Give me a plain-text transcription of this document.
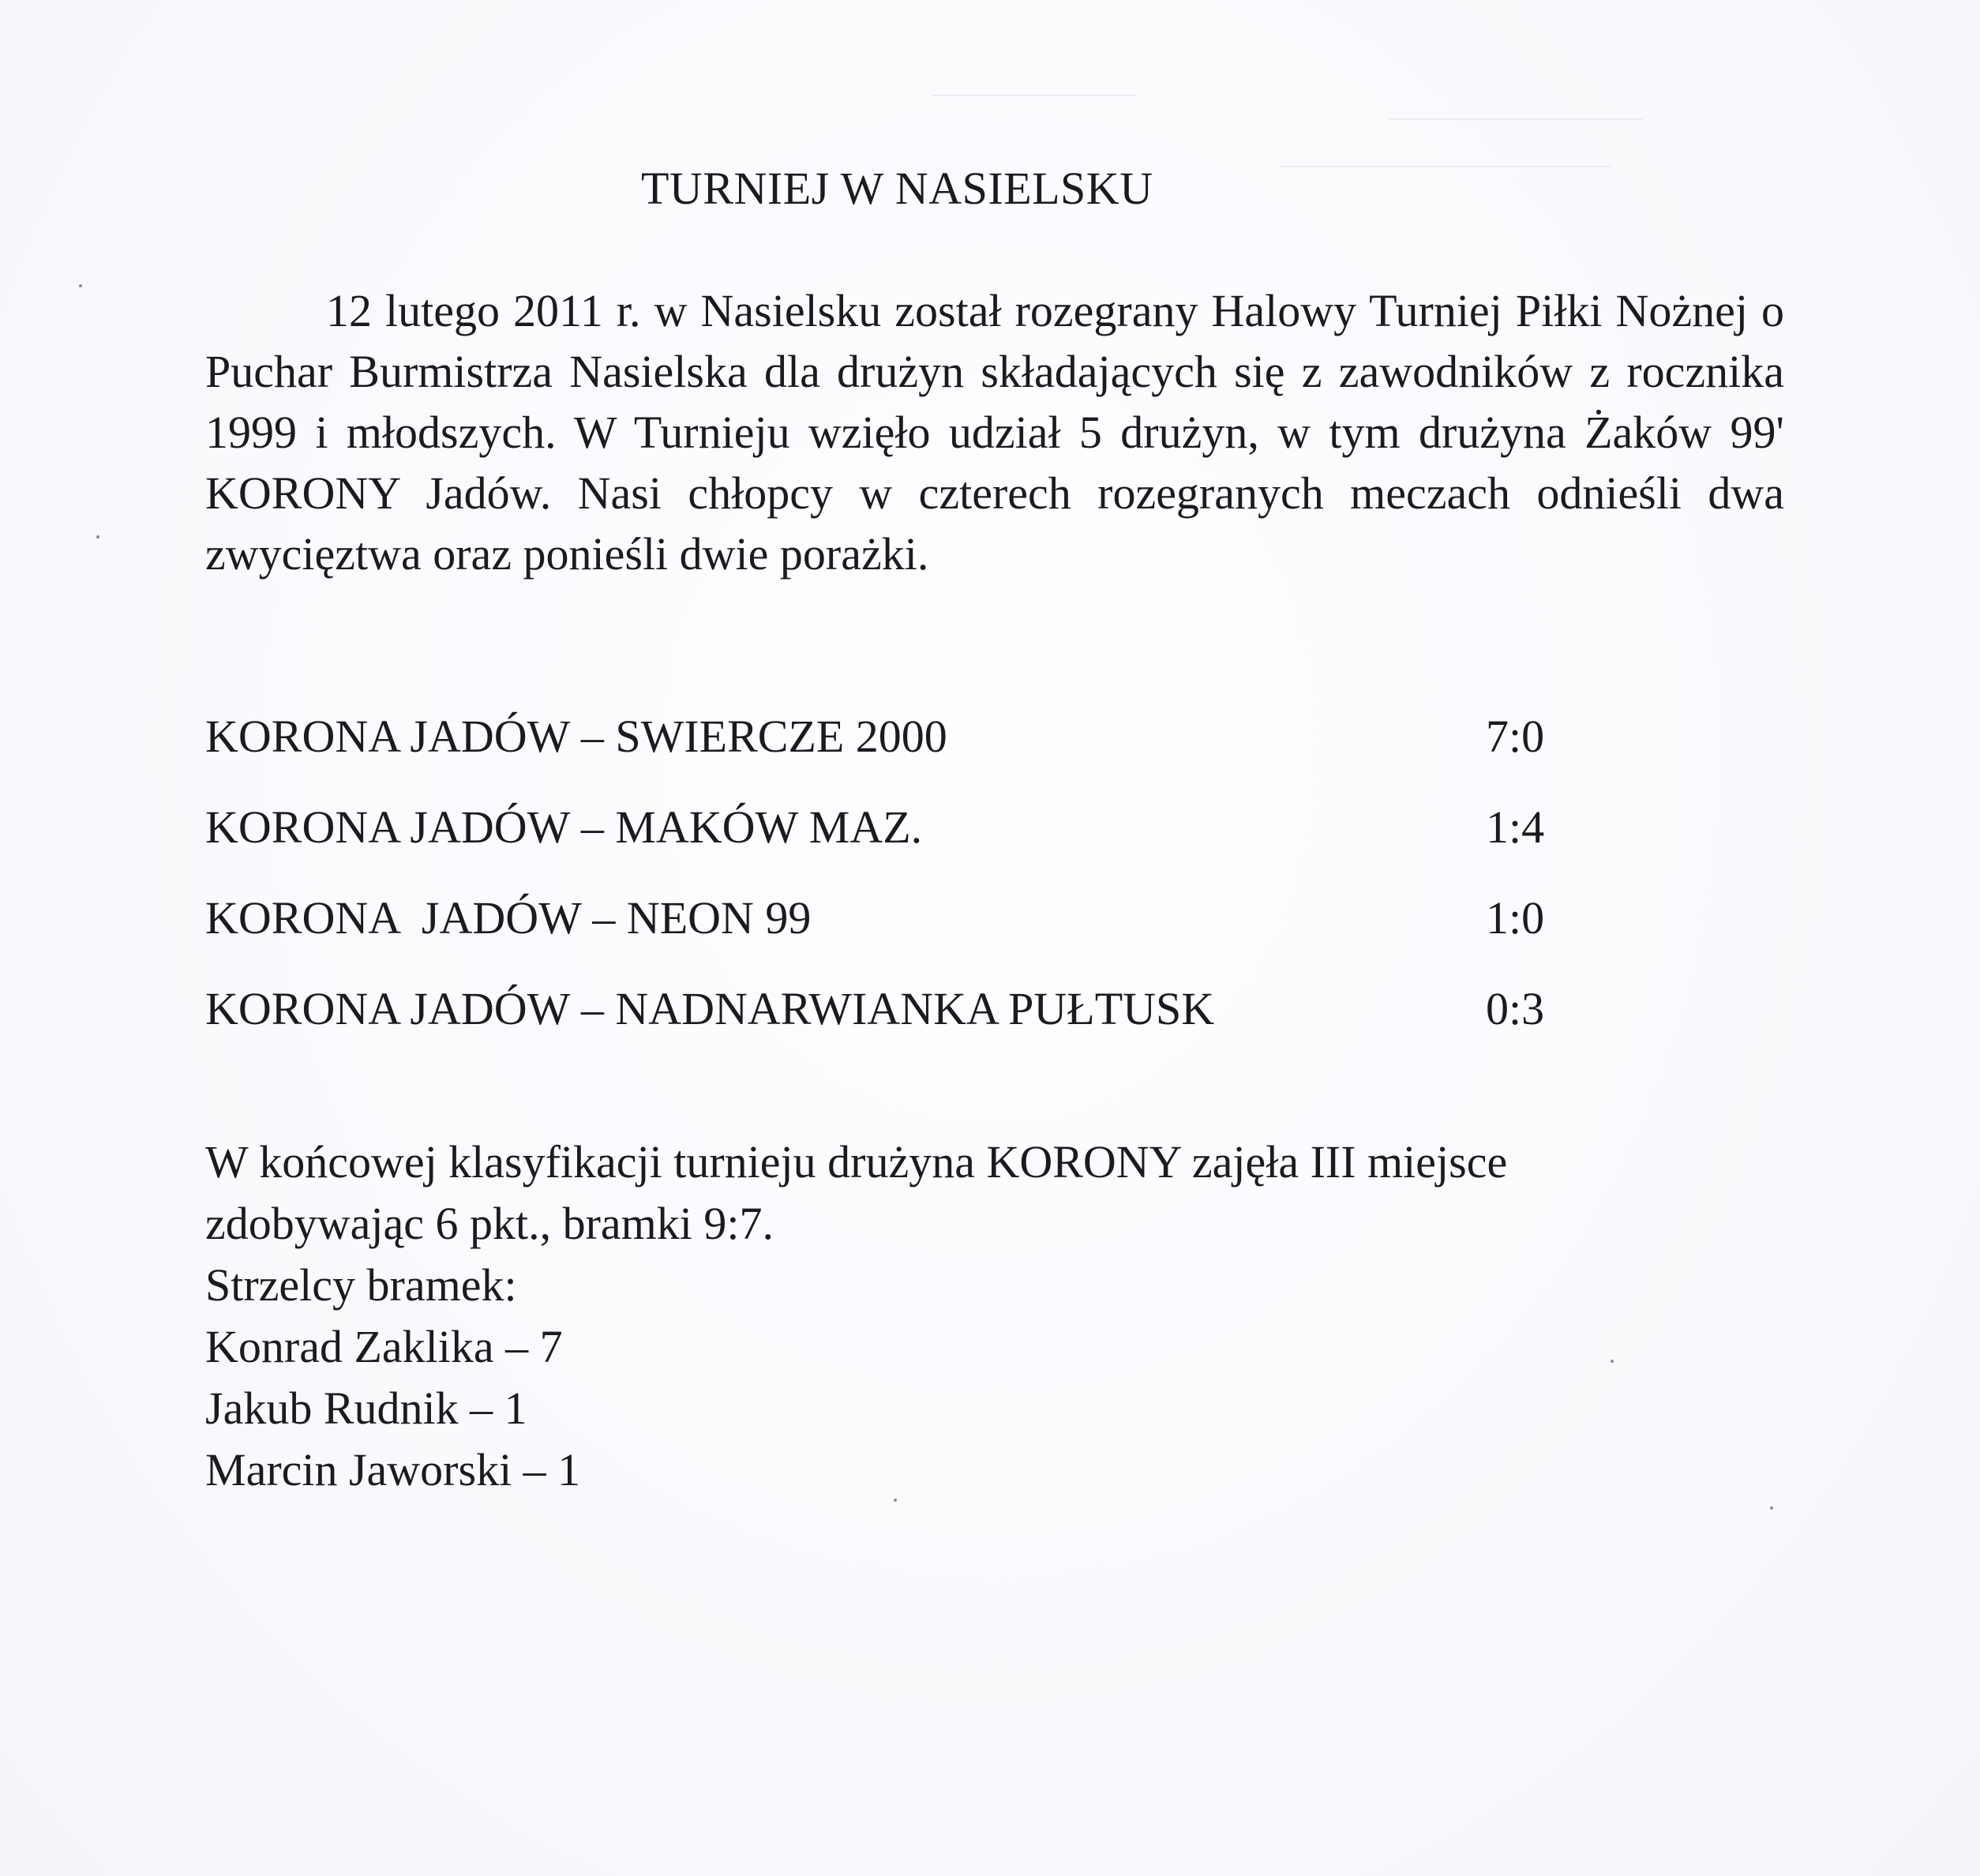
TURNIEJ W NASIELSKU

12 lutego 2011 r. w Nasielsku został rozegrany Halowy Turniej Piłki Nożnej o Puchar Burmistrza Nasielska dla drużyn składających się z zawodników z rocznika 1999 i młodszych. W Turnieju wzięło udział 5 drużyn, w tym drużyna Żaków 99' KORONY Jadów. Nasi chłopcy w czterech rozegranych meczach odnieśli dwa zwycięztwa oraz ponieśli dwie porażki.

KORONA JADÓW – SWIERCZE 2000	7:0
KORONA JADÓW – MAKÓW MAZ.	1:4
KORONA  JADÓW – NEON 99	1:0
KORONA JADÓW – NADNARWIANKA PUŁTUSK	0:3
W końcowej klasyfikacji turnieju drużyna KORONY zajęła III miejsce
zdobywając 6 pkt., bramki 9:7.
Strzelcy bramek:
Konrad Zaklika – 7
Jakub Rudnik – 1
Marcin Jaworski – 1
